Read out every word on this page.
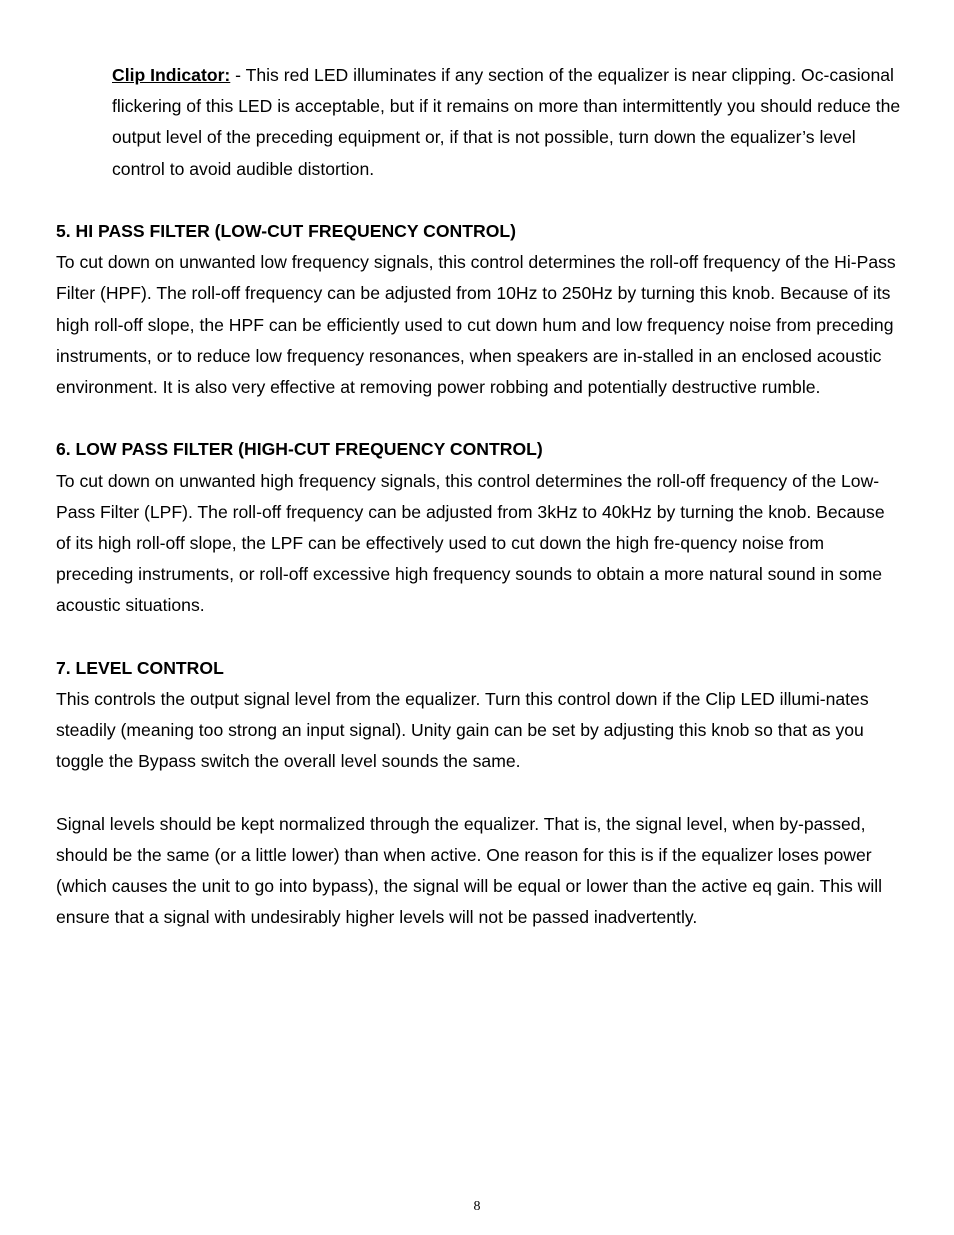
Clip Indicator: - This red LED illuminates if any section of the equalizer is near clipping. Oc-casional flickering of this LED is acceptable, but if it remains on more than intermittently you should reduce the output level of the preceding equipment or, if that is not possible, turn down the equalizer’s level control to avoid audible distortion.

5. HI PASS FILTER (LOW-CUT FREQUENCY CONTROL)

To cut down on unwanted low frequency signals, this control determines the roll-off frequency of the Hi-Pass Filter (HPF). The roll-off frequency can be adjusted from 10Hz to 250Hz by turning this knob. Because of its high roll-off slope, the HPF can be efficiently used to cut down hum and low frequency noise from preceding instruments, or to reduce low frequency resonances, when speakers are in-stalled in an enclosed acoustic environment. It is also very effective at removing power robbing and potentially destructive rumble.

6. LOW PASS FILTER (HIGH-CUT FREQUENCY CONTROL)

To cut down on unwanted high frequency signals, this control determines the roll-off frequency of the Low-Pass Filter (LPF). The roll-off frequency can be adjusted from 3kHz to 40kHz by turning the knob. Because of its high roll-off slope, the LPF can be effectively used to cut down the high fre-quency noise from preceding instruments, or roll-off excessive high frequency sounds to obtain a more natural sound in some acoustic situations.

7. LEVEL CONTROL

This controls the output signal level from the equalizer. Turn this control down if the Clip LED illumi-nates steadily (meaning too strong an input signal). Unity gain can be set by adjusting this knob so that as you toggle the Bypass switch the overall level sounds the same.

Signal levels should be kept normalized through the equalizer. That is, the signal level, when by-passed, should be the same (or a little lower) than when active. One reason for this is if the equalizer loses power (which causes the unit to go into bypass), the signal will be equal or lower than the active eq gain. This will ensure that a signal with undesirably higher levels will not be passed inadvertently.

8
